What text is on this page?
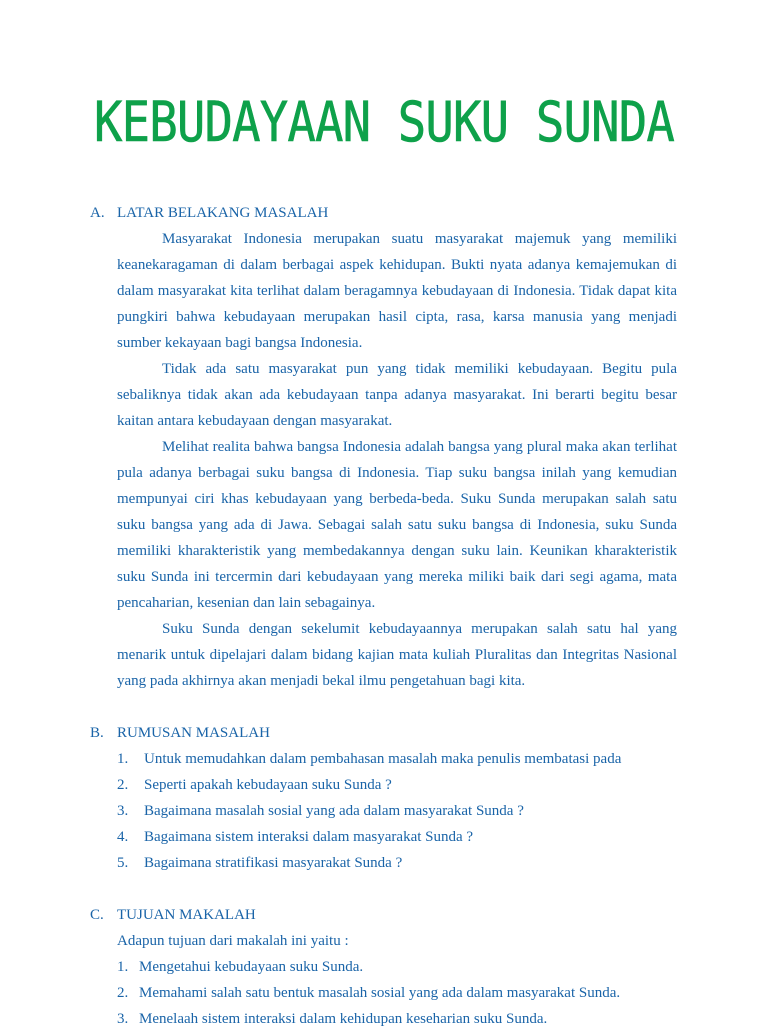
KEBUDAYAAN SUKU SUNDA
A. LATAR BELAKANG MASALAH

Masyarakat Indonesia merupakan suatu masyarakat majemuk yang memiliki keanekaragaman di dalam berbagai aspek kehidupan. Bukti nyata adanya kemajemukan di dalam masyarakat kita terlihat dalam beragamnya kebudayaan di Indonesia. Tidak dapat kita pungkiri bahwa kebudayaan merupakan hasil cipta, rasa, karsa manusia yang menjadi sumber kekayaan bagi bangsa Indonesia.

Tidak ada satu masyarakat pun yang tidak memiliki kebudayaan. Begitu pula sebaliknya tidak akan ada kebudayaan tanpa adanya masyarakat. Ini berarti begitu besar kaitan antara kebudayaan dengan masyarakat.

Melihat realita bahwa bangsa Indonesia adalah bangsa yang plural maka akan terlihat pula adanya berbagai suku bangsa di Indonesia. Tiap suku bangsa inilah yang kemudian mempunyai ciri khas kebudayaan yang berbeda-beda. Suku Sunda merupakan salah satu suku bangsa yang ada di Jawa. Sebagai salah satu suku bangsa di Indonesia, suku Sunda memiliki kharakteristik yang membedakannya dengan suku lain. Keunikan kharakteristik suku Sunda ini tercermin dari kebudayaan yang mereka miliki baik dari segi agama, mata pencaharian, kesenian dan lain sebagainya.

Suku Sunda dengan sekelumit kebudayaannya merupakan salah satu hal yang menarik untuk dipelajari dalam bidang kajian mata kuliah Pluralitas dan Integritas Nasional yang pada akhirnya akan menjadi bekal ilmu pengetahuan bagi kita.

B. RUMUSAN MASALAH
1. Untuk memudahkan dalam pembahasan masalah maka penulis membatasi pada
2. Seperti apakah kebudayaan suku Sunda ?
3. Bagaimana masalah sosial yang ada dalam masyarakat Sunda ?
4. Bagaimana sistem interaksi dalam masyarakat Sunda ?
5. Bagaimana stratifikasi masyarakat Sunda ?
C. TUJUAN MAKALAH
Adapun tujuan dari makalah ini yaitu :
1. Mengetahui kebudayaan suku Sunda.
2. Memahami salah satu bentuk masalah sosial yang ada dalam masyarakat Sunda.
3. Menelaah sistem interaksi dalam kehidupan keseharian suku Sunda.
